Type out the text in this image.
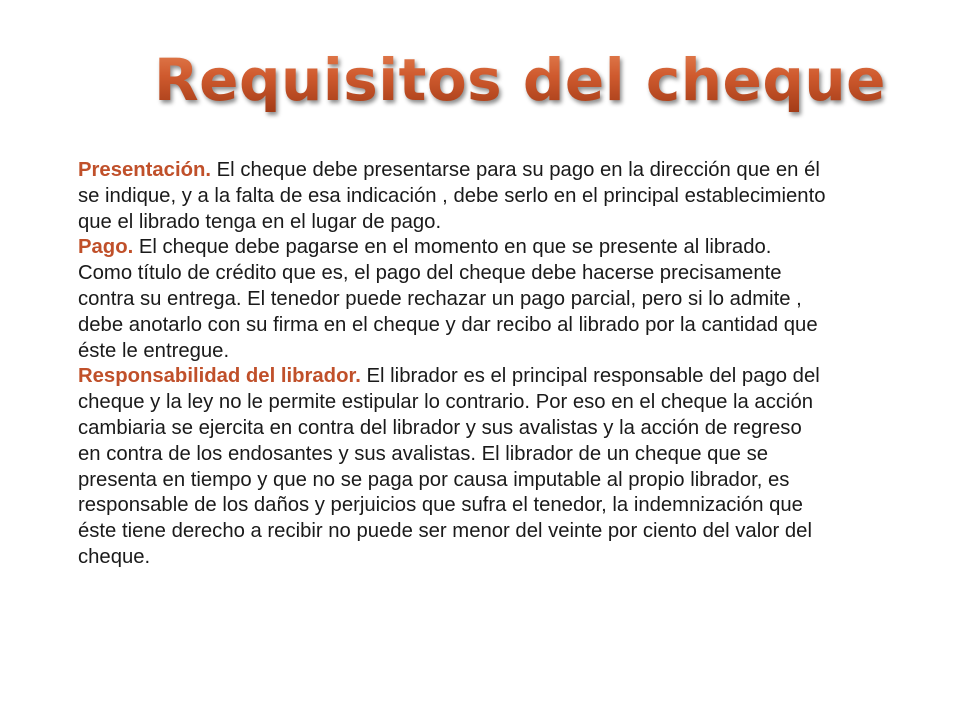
Requisitos del cheque

Presentación. El cheque debe presentarse para su pago en la dirección que en él se indique, y a la falta de esa indicación , debe serlo en el principal establecimiento que el librado tenga en el lugar de pago.

Pago. El cheque debe pagarse en el momento en que se presente al librado. Como título de crédito que es, el pago del cheque debe hacerse precisamente contra su entrega. El tenedor puede rechazar un pago parcial, pero si lo admite , debe anotarlo con su firma en el cheque y dar recibo al librado por la cantidad que éste le entregue.

Responsabilidad del librador. El librador es el principal responsable del pago del cheque y la ley no le permite estipular lo contrario. Por eso en el cheque la acción cambiaria se ejercita en contra del librador y sus avalistas y la acción de regreso en contra de los endosantes y sus avalistas. El librador de un cheque que se presenta en tiempo y que no se paga por causa imputable al propio librador, es responsable de los daños y perjuicios que sufra el tenedor, la indemnización que éste tiene derecho a recibir no puede ser menor del veinte por ciento del valor del cheque.
